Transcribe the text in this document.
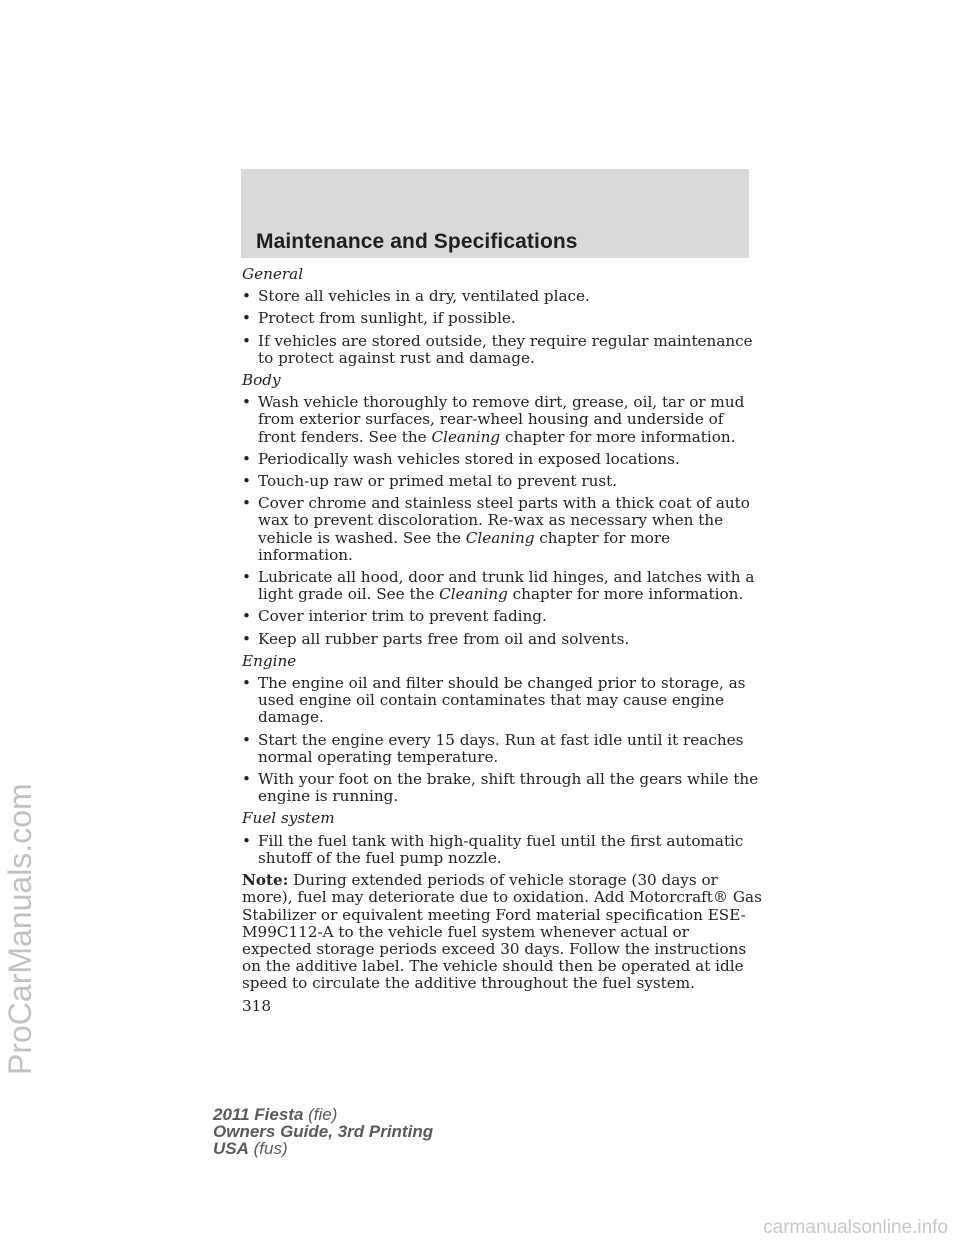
Maintenance and Specifications
General
• Store all vehicles in a dry, ventilated place.
• Protect from sunlight, if possible.
• If vehicles are stored outside, they require regular maintenance to protect against rust and damage.
Body
• Wash vehicle thoroughly to remove dirt, grease, oil, tar or mud from exterior surfaces, rear-wheel housing and underside of front fenders. See the Cleaning chapter for more information.
• Periodically wash vehicles stored in exposed locations.
• Touch-up raw or primed metal to prevent rust.
• Cover chrome and stainless steel parts with a thick coat of auto wax to prevent discoloration. Re-wax as necessary when the vehicle is washed. See the Cleaning chapter for more information.
• Lubricate all hood, door and trunk lid hinges, and latches with a light grade oil. See the Cleaning chapter for more information.
• Cover interior trim to prevent fading.
• Keep all rubber parts free from oil and solvents.
Engine
• The engine oil and filter should be changed prior to storage, as used engine oil contain contaminates that may cause engine damage.
• Start the engine every 15 days. Run at fast idle until it reaches normal operating temperature.
• With your foot on the brake, shift through all the gears while the engine is running.
Fuel system
• Fill the fuel tank with high-quality fuel until the first automatic shutoff of the fuel pump nozzle.
Note: During extended periods of vehicle storage (30 days or more), fuel may deteriorate due to oxidation. Add Motorcraft® Gas Stabilizer or equivalent meeting Ford material specification ESE-M99C112-A to the vehicle fuel system whenever actual or expected storage periods exceed 30 days. Follow the instructions on the additive label. The vehicle should then be operated at idle speed to circulate the additive throughout the fuel system.
318
2011 Fiesta (fie)
Owners Guide, 3rd Printing
USA (fus)
ProCarManuals.com
carmanualsonline.info
